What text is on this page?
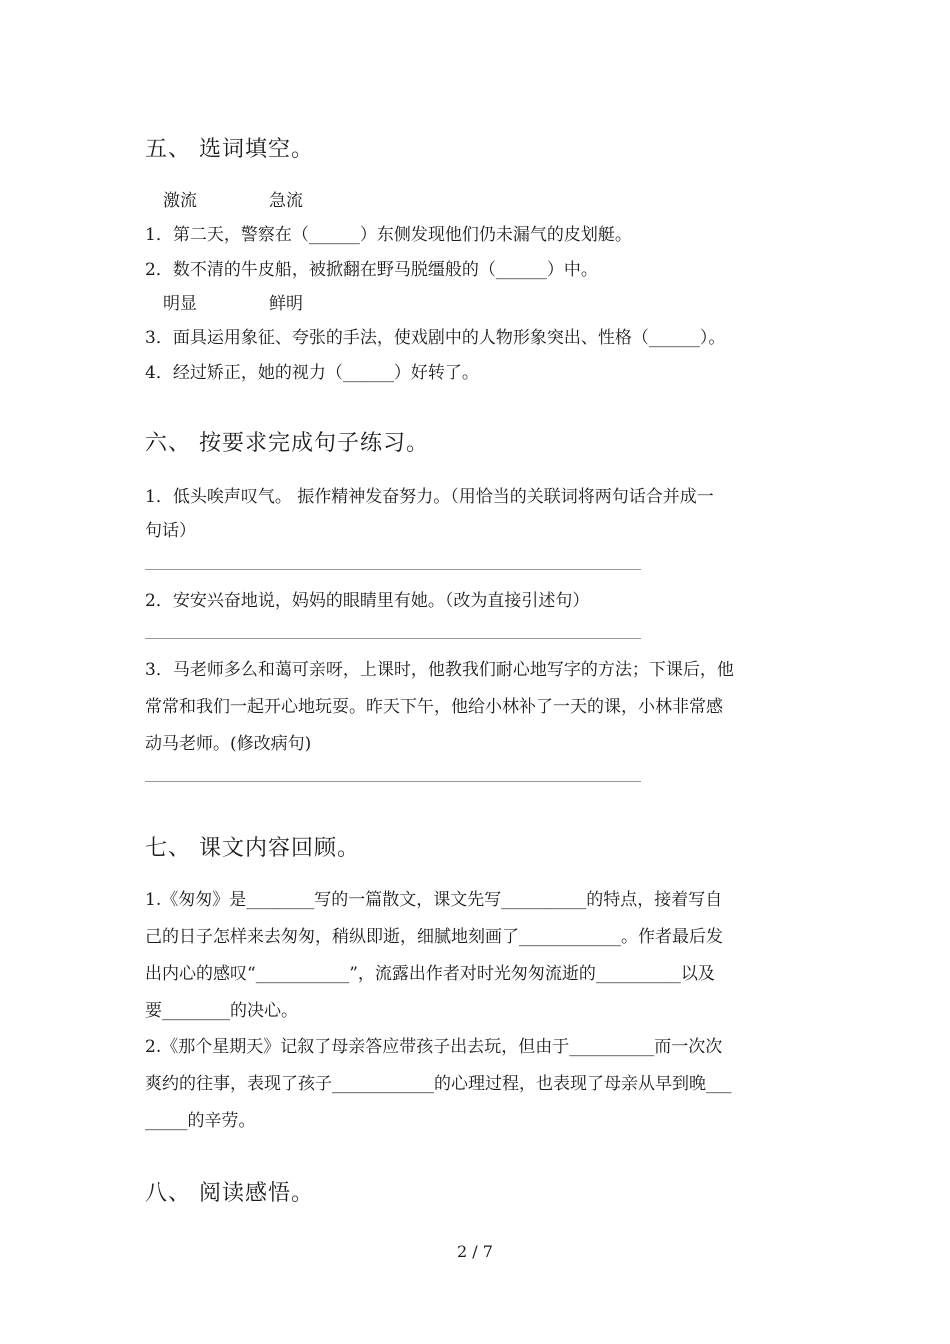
五、 选词填空。
激流	急流
1．第二天，警察在（______）东侧发现他们仍未漏气的皮划艇。
2．数不清的牛皮船，被掀翻在野马脱缰般的（______）中。
明显	鲜明
3．面具运用象征、夸张的手法，使戏剧中的人物形象突出、性格（______）。
4．经过矫正，她的视力（______）好转了。
六、 按要求完成句子练习。
1．低头唉声叹气。 振作精神发奋努力。（用恰当的关联词将两句话合并成一
句话）
2．安安兴奋地说，妈妈的眼睛里有她。（改为直接引述句）
3．马老师多么和蔼可亲呀，上课时，他教我们耐心地写字的方法；下课后，他
常常和我们一起开心地玩耍。昨天下午，他给小林补了一天的课，小林非常感
动马老师。(修改病句)
七、 课文内容回顾。
1.《匆匆》是________写的一篇散文，课文先写__________的特点，接着写自
己的日子怎样来去匆匆，稍纵即逝，细腻地刻画了____________。作者最后发
出内心的感叹“___________”，流露出作者对时光匆匆流逝的__________以及
要________的决心。
2.《那个星期天》记叙了母亲答应带孩子出去玩，但由于__________而一次次
爽约的往事，表现了孩子____________的心理过程，也表现了母亲从早到晚___
_____的辛劳。
八、 阅读感悟。
2 / 7
